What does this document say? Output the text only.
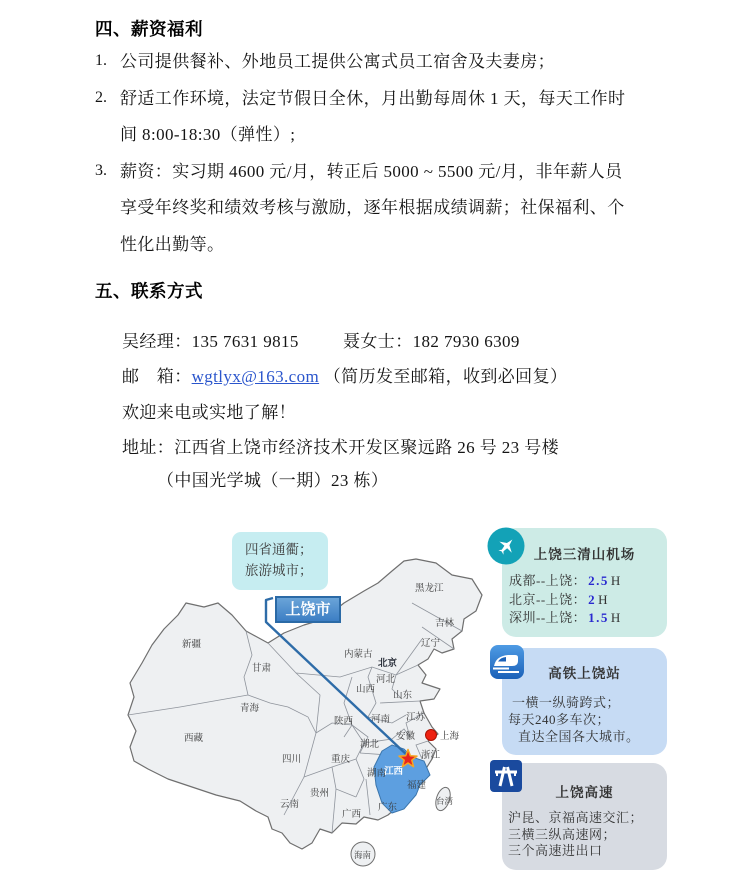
四、薪资福利
1. 公司提供餐补、外地员工提供公寓式员工宿舍及夫妻房；
2. 舒适工作环境，法定节假日全休，月出勤每周休 1 天，每天工作时
间 8:00-18:30（弹性）;
3. 薪资：实习期 4600 元/月，转正后 5000 ~ 5500 元/月，非年薪人员
享受年终奖和绩效考核与激励，逐年根据成绩调薪；社保福利、个
性化出勤等。
五、联系方式
吴经理：135 7631 9815	聂女士：182 7930 6309
邮　箱：wgtlyx@163.com （简历发至邮箱，收到必回复）
欢迎来电或实地了解！
地址：江西省上饶市经济技术开发区聚远路 26 号 23 号楼
（中国光学城（一期）23 栋）
新疆
西藏
青海
甘肃
四川
云南
贵州
广西
广东
海南
台湾
福建
湖南
浙江
重庆
湖北
安徽
河南
陕西
山东
山西
河北
内蒙古
辽宁
吉林
黑龙江
江苏
北京
上海
江西
四省通衢；
旅游城市；
上饶市
上饶三清山机场
成都--上饶： 2.5 H
北京--上饶： 2 H
深圳--上饶： 1.5 H
高铁上饶站
一横一纵骑跨式；
每天240多车次；
直达全国各大城市。
上饶高速
沪昆、京福高速交汇；
三横三纵高速网；
三个高速进出口
